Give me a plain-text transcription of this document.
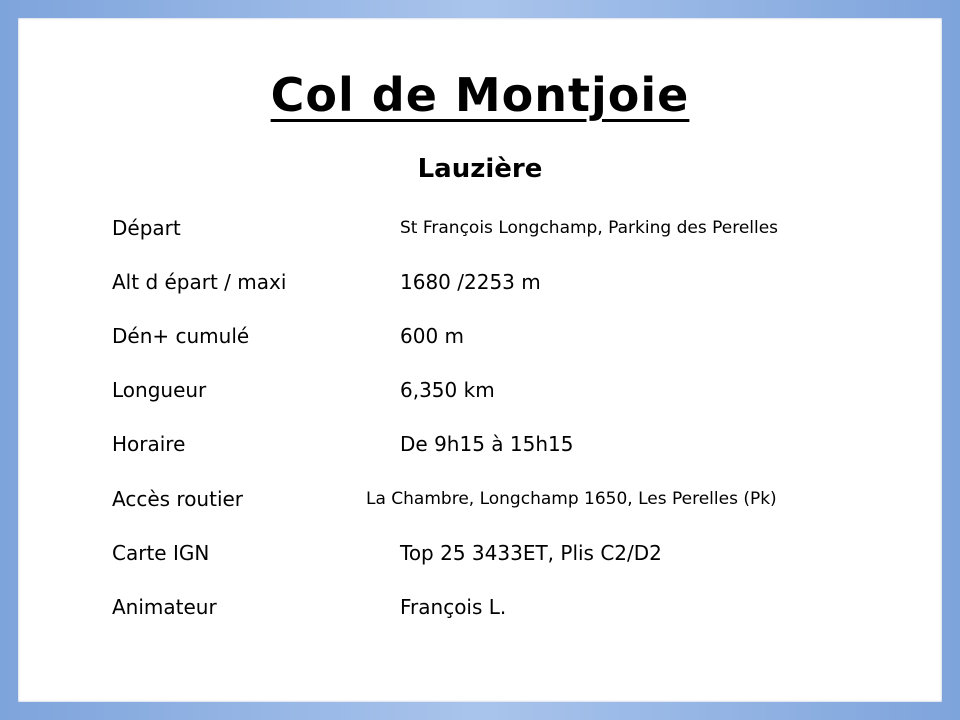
Col de Montjoie
Lauzière
Départ	St François Longchamp, Parking des Perelles
Alt d épart / maxi	1680 /2253 m
Dén+ cumulé	600 m
Longueur	6,350 km
Horaire	De 9h15 à 15h15
Accès routier	La Chambre, Longchamp 1650, Les Perelles (Pk)
Carte IGN	Top 25 3433ET, Plis C2/D2
Animateur	François L.
